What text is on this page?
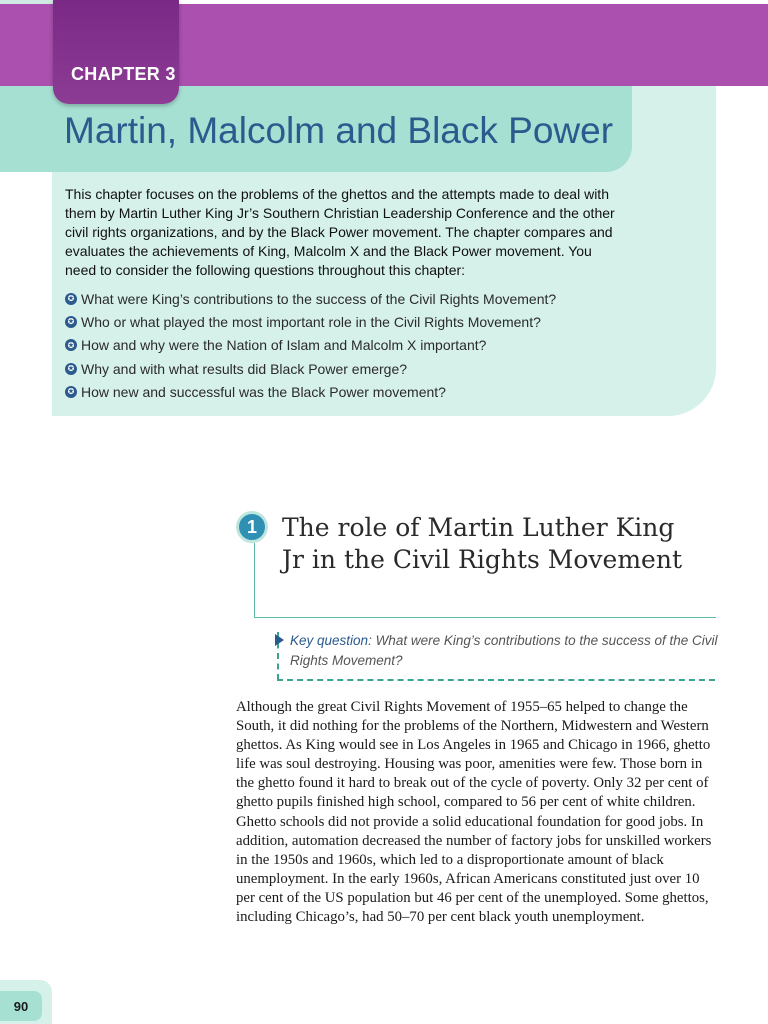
CHAPTER 3
Martin, Malcolm and Black Power

This chapter focuses on the problems of the ghettos and the attempts made to deal with them by Martin Luther King Jr’s Southern Christian Leadership Conference and the other civil rights organizations, and by the Black Power movement. The chapter compares and evaluates the achievements of King, Malcolm X and the Black Power movement. You need to consider the following questions throughout this chapter:

✪ What were King’s contributions to the success of the Civil Rights Movement?
✪ Who or what played the most important role in the Civil Rights Movement?
✪ How and why were the Nation of Islam and Malcolm X important?
✪ Why and with what results did Black Power emerge?
✪ How new and successful was the Black Power movement?
1	The role of Martin Luther King Jr in the Civil Rights Movement

Key question: What were King’s contributions to the success of the Civil Rights Movement?

Although the great Civil Rights Movement of 1955–65 helped to change the South, it did nothing for the problems of the Northern, Midwestern and Western ghettos. As King would see in Los Angeles in 1965 and Chicago in 1966, ghetto life was soul destroying. Housing was poor, amenities were few. Those born in the ghetto found it hard to break out of the cycle of poverty. Only 32 per cent of ghetto pupils finished high school, compared to 56 per cent of white children. Ghetto schools did not provide a solid educational foundation for good jobs. In addition, automation decreased the number of factory jobs for unskilled workers in the 1950s and 1960s, which led to a disproportionate amount of black unemployment. In the early 1960s, African Americans constituted just over 10 per cent of the US population but 46 per cent of the unemployed. Some ghettos, including Chicago’s, had 50–70 per cent black youth unemployment.

90
